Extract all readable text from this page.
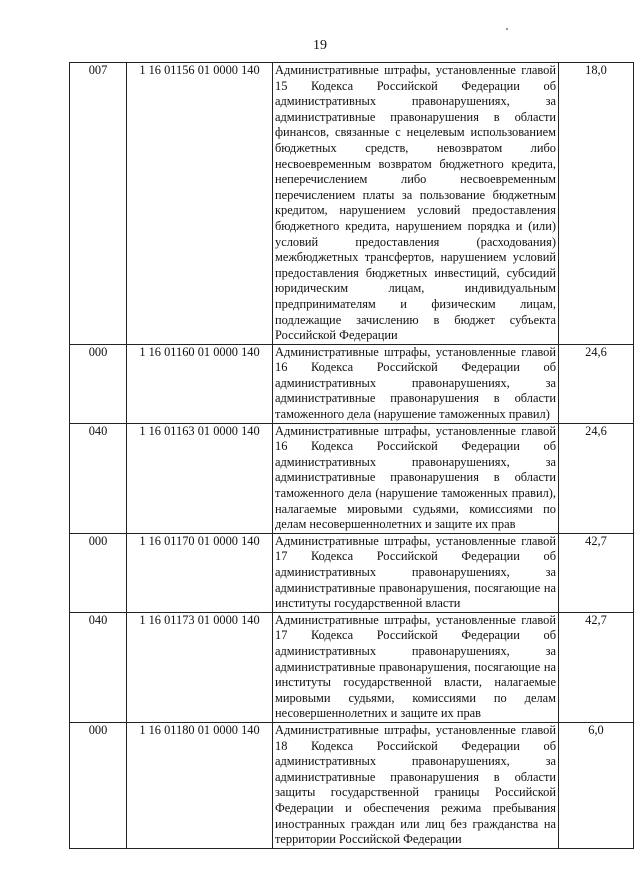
19
007	1 16 01156 01 0000 140	Административные штрафы, установленные главой 15 Кодекса Российской Федерации об административных правонарушениях, за административные правонарушения в области финансов, связанные с нецелевым использованием бюджетных средств, невозвратом либо несвоевременным возвратом бюджетного кредита, неперечислением либо несвоевременным перечислением платы за пользование бюджетным кредитом, нарушением условий предоставления бюджетного кредита, нарушением порядка и (или) условий предоставления (расходования) межбюджетных трансфертов, нарушением условий предоставления бюджетных инвестиций, субсидий юридическим лицам, индивидуальным предпринимателям и физическим лицам, подлежащие зачислению в бюджет субъекта Российской Федерации	18,0
000	1 16 01160 01 0000 140	Административные штрафы, установленные главой 16 Кодекса Российской Федерации об административных правонарушениях, за административные правонарушения в области таможенного дела (нарушение таможенных правил)	24,6
040	1 16 01163 01 0000 140	Административные штрафы, установленные главой 16 Кодекса Российской Федерации об административных правонарушениях, за административные правонарушения в области таможенного дела (нарушение таможенных правил), налагаемые мировыми судьями, комиссиями по делам несовершеннолетних и защите их прав	24,6
000	1 16 01170 01 0000 140	Административные штрафы, установленные главой 17 Кодекса Российской Федерации об административных правонарушениях, за административные правонарушения, посягающие на институты государственной власти	42,7
040	1 16 01173 01 0000 140	Административные штрафы, установленные главой 17 Кодекса Российской Федерации об административных правонарушениях, за административные правонарушения, посягающие на институты государственной власти, налагаемые мировыми судьями, комиссиями по делам несовершеннолетних и защите их прав	42,7
000	1 16 01180 01 0000 140	Административные штрафы, установленные главой 18 Кодекса Российской Федерации об административных правонарушениях, за административные правонарушения в области защиты государственной границы Российской Федерации и обеспечения режима пребывания иностранных граждан или лиц без гражданства на территории Российской Федерации	6,0
